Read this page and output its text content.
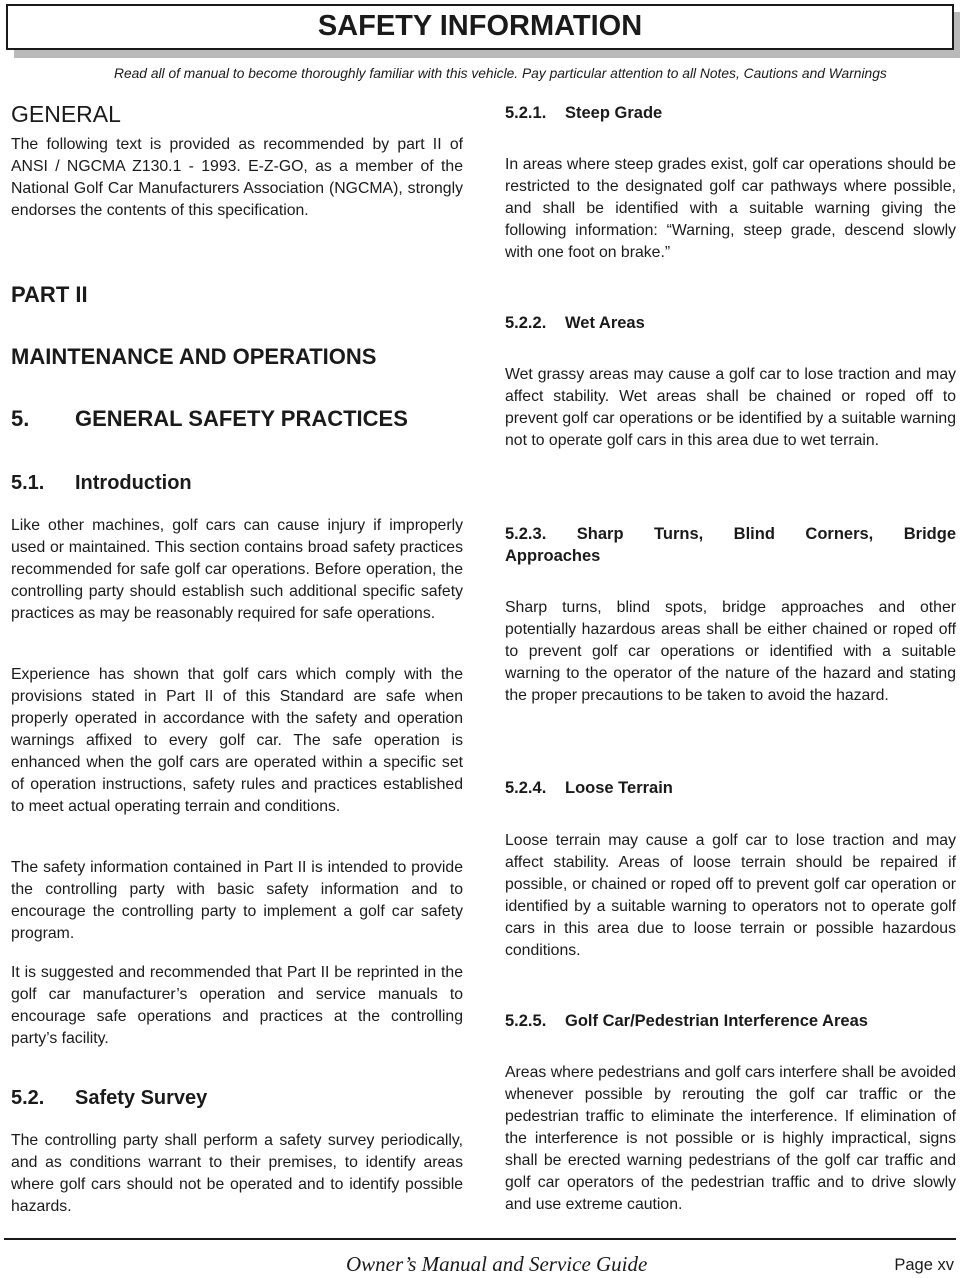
SAFETY INFORMATION
Read all of manual to become thoroughly familiar with this vehicle. Pay particular attention to all Notes, Cautions and Warnings
GENERAL
The following text is provided as recommended by part II of ANSI / NGCMA Z130.1 - 1993. E-Z-GO, as a member of the National Golf Car Manufacturers Association (NGCMA), strongly endorses the contents of this specification.
PART II
MAINTENANCE AND OPERATIONS
5.	GENERAL SAFETY PRACTICES
5.1.	Introduction
Like other machines, golf cars can cause injury if improperly used or maintained. This section contains broad safety practices recommended for safe golf car operations. Before operation, the controlling party should establish such additional specific safety practices as may be reasonably required for safe operations.
Experience has shown that golf cars which comply with the provisions stated in Part II of this Standard are safe when properly operated in accordance with the safety and operation warnings affixed to every golf car. The safe operation is enhanced when the golf cars are operated within a specific set of operation instructions, safety rules and practices established to meet actual operating terrain and conditions.
The safety information contained in Part II is intended to provide the controlling party with basic safety information and to encourage the controlling party to implement a golf car safety program.
It is suggested and recommended that Part II be reprinted in the golf car manufacturer’s operation and service manuals to encourage safe operations and practices at the controlling party’s facility.
5.2.	Safety Survey
The controlling party shall perform a safety survey periodically, and as conditions warrant to their premises, to identify areas where golf cars should not be operated and to identify possible hazards.
5.2.1.	Steep Grade
In areas where steep grades exist, golf car operations should be restricted to the designated golf car pathways where possible, and shall be identified with a suitable warning giving the following information: “Warning, steep grade, descend slowly with one foot on brake.”
5.2.2.	Wet Areas
Wet grassy areas may cause a golf car to lose traction and may affect stability. Wet areas shall be chained or roped off to prevent golf car operations or be identified by a suitable warning not to operate golf cars in this area due to wet terrain.
5.2.3. Sharp Turns, Blind Corners, Bridge
Approaches
Sharp turns, blind spots, bridge approaches and other potentially hazardous areas shall be either chained or roped off to prevent golf car operations or identified with a suitable warning to the operator of the nature of the hazard and stating the proper precautions to be taken to avoid the hazard.
5.2.4.	Loose Terrain
Loose terrain may cause a golf car to lose traction and may affect stability. Areas of loose terrain should be repaired if possible, or chained or roped off to prevent golf car operation or identified by a suitable warning to operators not to operate golf cars in this area due to loose terrain or possible hazardous conditions.
5.2.5.	Golf Car/Pedestrian Interference Areas
Areas where pedestrians and golf cars interfere shall be avoided whenever possible by rerouting the golf car traffic or the pedestrian traffic to eliminate the interference. If elimination of the interference is not possible or is highly impractical, signs shall be erected warning pedestrians of the golf car traffic and golf car operators of the pedestrian traffic and to drive slowly and use extreme caution.
Owner’s Manual and Service Guide	Page xv
